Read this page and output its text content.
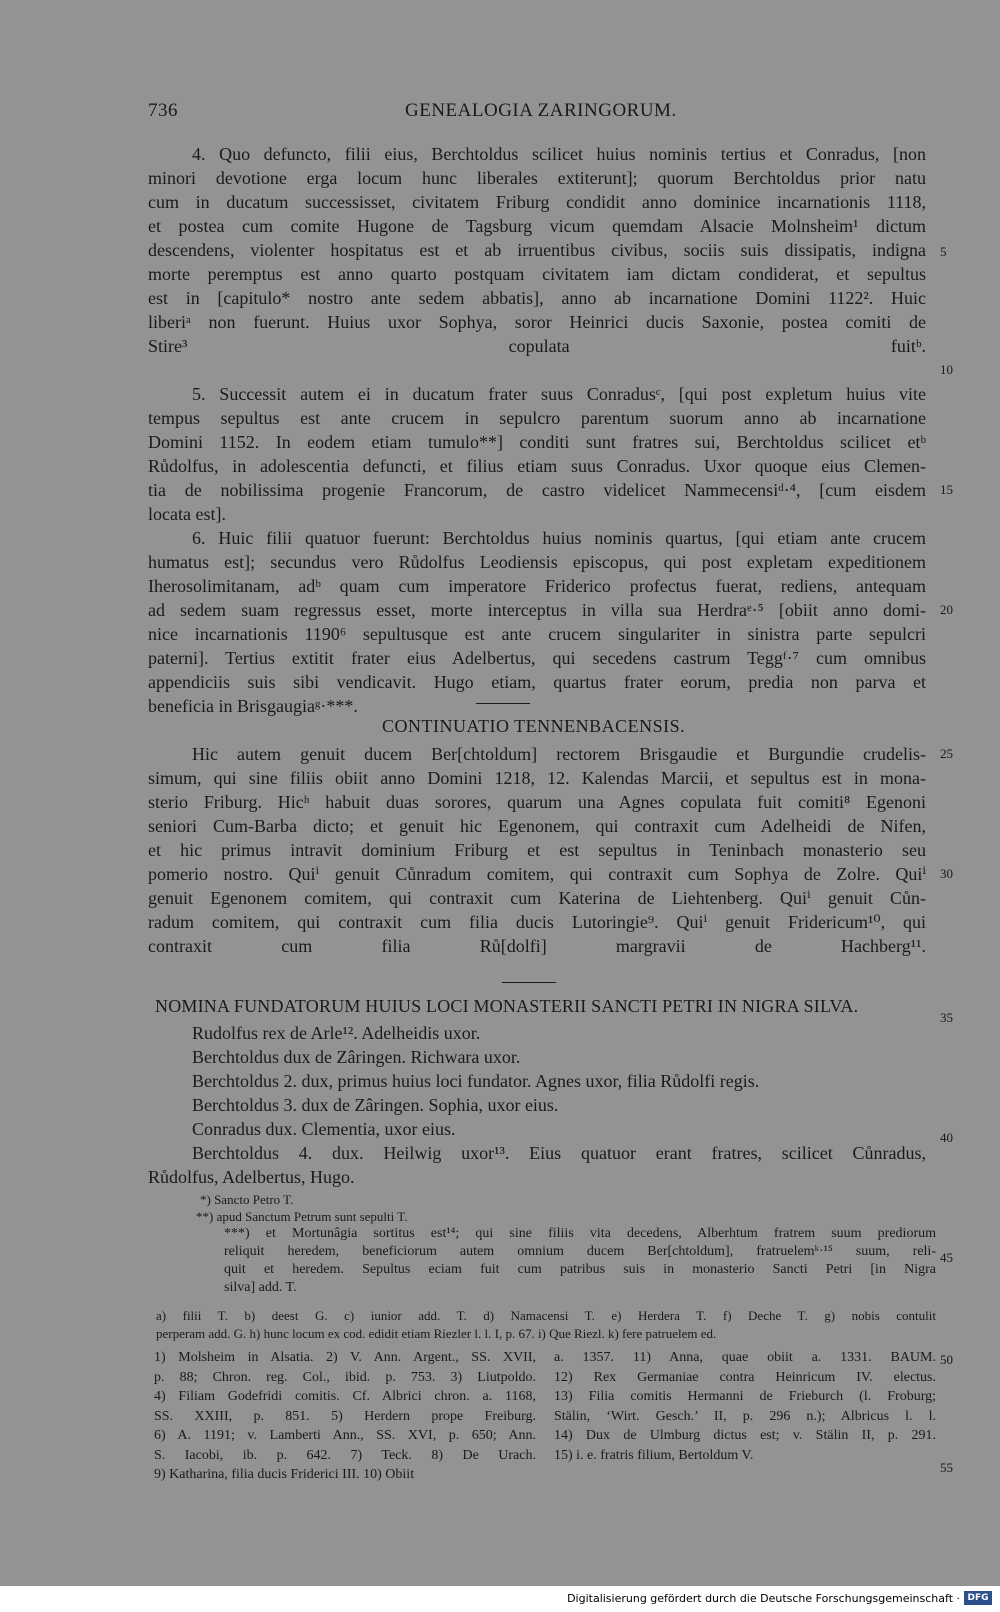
736	GENEALOGIA ZARINGORUM.
4. Quo defuncto, filii eius, Berchtoldus scilicet huius nominis tertius et Conradus, [non
minori devotione erga locum hunc liberales extiterunt]; quorum Berchtoldus prior natu
cum in ducatum successisset, civitatem Friburg condidit anno dominice incarnationis 1118,
et postea cum comite Hugone de Tagsburg vicum quemdam Alsacie Molnsheim¹ dictum
descendens, violenter hospitatus est et ab irruentibus civibus, sociis suis dissipatis, indigna
morte peremptus est anno quarto postquam civitatem iam dictam condiderat, et sepultus
est in [capitulo* nostro ante sedem abbatis], anno ab incarnatione Domini 1122². Huic
liberiᵃ non fuerunt. Huius uxor Sophya, soror Heinrici ducis Saxonie, postea comiti de
Stire³ copulata fuitᵇ.
5. Successit autem ei in ducatum frater suus Conradusᶜ, [qui post expletum huius vite
tempus sepultus est ante crucem in sepulcro parentum suorum anno ab incarnatione
Domini 1152. In eodem etiam tumulo**] conditi sunt fratres sui, Berchtoldus scilicet etᵇ
Růdolfus, in adolescentia defuncti, et filius etiam suus Conradus. Uxor quoque eius Clemen-
tia de nobilissima progenie Francorum, de castro videlicet Nammecensiᵈ·⁴, [cum eisdem
locata est].
6. Huic filii quatuor fuerunt: Berchtoldus huius nominis quartus, [qui etiam ante crucem
humatus est]; secundus vero Růdolfus Leodiensis episcopus, qui post expletam expeditionem
Iherosolimitanam, adᵇ quam cum imperatore Friderico profectus fuerat, rediens, antequam
ad sedem suam regressus esset, morte interceptus in villa sua Herdraᵉ·⁵ [obiit anno domi-
nice incarnationis 1190⁶ sepultusque est ante crucem singulariter in sinistra parte sepulcri
paterni]. Tertius extitit frater eius Adelbertus, qui secedens castrum Teggᶠ·⁷ cum omnibus
appendiciis suis sibi vendicavit. Hugo etiam, quartus frater eorum, predia non parva et
beneficia in Brisgaugiaᵍ·***.
CONTINUATIO TENNENBACENSIS.
Hic autem genuit ducem Ber[chtoldum] rectorem Brisgaudie et Burgundie crudelis-
simum, qui sine filiis obiit anno Domini 1218, 12. Kalendas Marcii, et sepultus est in mona-
sterio Friburg. Hicʰ habuit duas sorores, quarum una Agnes copulata fuit comiti⁸ Egenoni
seniori Cum-Barba dicto; et genuit hic Egenonem, qui contraxit cum Adelheidi de Nifen,
et hic primus intravit dominium Friburg et est sepultus in Teninbach monasterio seu
pomerio nostro. Quiⁱ genuit Cůnradum comitem, qui contraxit cum Sophya de Zolre. Quiⁱ
genuit Egenonem comitem, qui contraxit cum Katerina de Liehtenberg. Quiⁱ genuit Cůn-
radum comitem, qui contraxit cum filia ducis Lutoringie⁹. Quiⁱ genuit Fridericum¹⁰, qui
contraxit cum filia Rů[dolfi] margravii de Hachberg¹¹.
NOMINA FUNDATORUM HUIUS LOCI MONASTERII SANCTI PETRI IN NIGRA SILVA.
Rudolfus rex de Arle¹². Adelheidis uxor.
Berchtoldus dux de Zâringen. Richwara uxor.
Berchtoldus 2. dux, primus huius loci fundator. Agnes uxor, filia Růdolfi regis.
Berchtoldus 3. dux de Zâringen. Sophia, uxor eius.
Conradus dux. Clementia, uxor eius.
Berchtoldus 4. dux. Heilwig uxor¹³. Eius quatuor erant fratres, scilicet Cůnradus,
Růdolfus, Adelbertus, Hugo.
*) Sancto Petro T.
**) apud Sanctum Petrum sunt sepulti T.
***) et Mortunâgia sortitus est¹⁴; qui sine filiis vita decedens, Alberhtum fratrem suum prediorum
reliquit heredem, beneficiorum autem omnium ducem Ber[chtoldum], fratruelemᵏ·¹⁵ suum, reli-
quit et heredem. Sepultus eciam fuit cum patribus suis in monasterio Sancti Petri [in Nigra
silva] add. T.
a) filii T. b) deest G. c) iunior add. T. d) Namacensi T. e) Herdera T. f) Deche T. g) nobis contulit
perperam add. G. h) hunc locum ex cod. edidit etiam Riezler l. l. I, p. 67. i) Que Riezl. k) fere patruelem ed.
1) Molsheim in Alsatia. 2) V. Ann. Argent., SS. XVII,
p. 88; Chron. reg. Col., ibid. p. 753. 3) Liutpoldo.
4) Filiam Godefridi comitis. Cf. Albrici chron. a. 1168,
SS. XXIII, p. 851. 5) Herdern prope Freiburg.
6) A. 1191; v. Lamberti Ann., SS. XVI, p. 650; Ann.
S. Iacobi, ib. p. 642. 7) Teck. 8) De Urach.
9) Katharina, filia ducis Friderici III. 10) Obiit
a. 1357. 11) Anna, quae obiit a. 1331. BAUM.
12) Rex Germaniae contra Heinricum IV. electus.
13) Filia comitis Hermanni de Frieburch (l. Froburg;
Stälin, ‘Wirt. Gesch.’ II, p. 296 n.); Albricus l. l.
14) Dux de Ulmburg dictus est; v. Stälin II, p. 291.
15) i. e. fratris filium, Bertoldum V.
5
10
15
20
25
30
35
40
45
50
55
Digitalisierung gefördert durch die Deutsche Forschungsgemeinschaft · DFG
